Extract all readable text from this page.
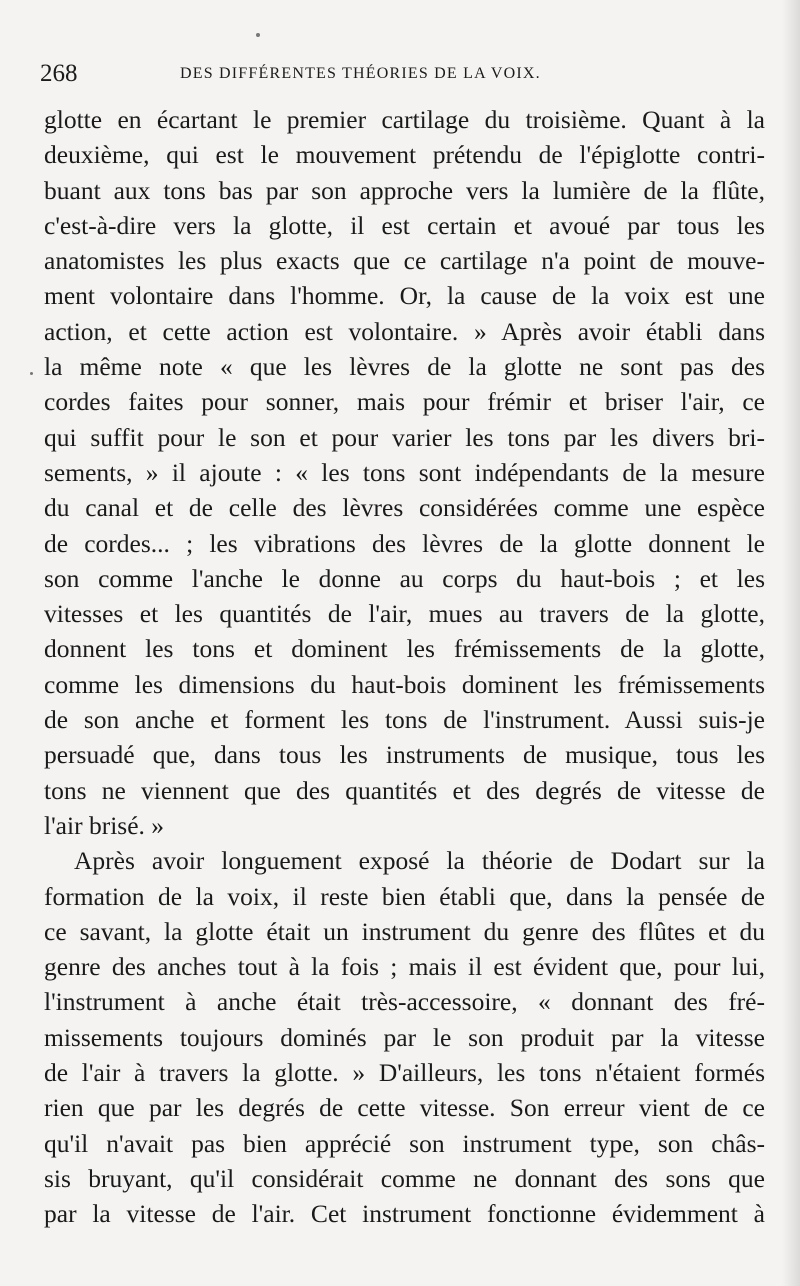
268	DES DIFFÉRENTES THÉORIES DE LA VOIX.
glotte en écartant le premier cartilage du troisième. Quant à la
deuxième, qui est le mouvement prétendu de l'épiglotte contri-
buant aux tons bas par son approche vers la lumière de la flûte,
c'est-à-dire vers la glotte, il est certain et avoué par tous les
anatomistes les plus exacts que ce cartilage n'a point de mouve-
ment volontaire dans l'homme. Or, la cause de la voix est une
action, et cette action est volontaire. » Après avoir établi dans
la même note « que les lèvres de la glotte ne sont pas des
cordes faites pour sonner, mais pour frémir et briser l'air, ce
qui suffit pour le son et pour varier les tons par les divers bri-
sements, » il ajoute : « les tons sont indépendants de la mesure
du canal et de celle des lèvres considérées comme une espèce
de cordes... ; les vibrations des lèvres de la glotte donnent le
son comme l'anche le donne au corps du haut-bois ; et les
vitesses et les quantités de l'air, mues au travers de la glotte,
donnent les tons et dominent les frémissements de la glotte,
comme les dimensions du haut-bois dominent les frémissements
de son anche et forment les tons de l'instrument. Aussi suis-je
persuadé que, dans tous les instruments de musique, tous les
tons ne viennent que des quantités et des degrés de vitesse de
l'air brisé. »
Après avoir longuement exposé la théorie de Dodart sur la
formation de la voix, il reste bien établi que, dans la pensée de
ce savant, la glotte était un instrument du genre des flûtes et du
genre des anches tout à la fois ; mais il est évident que, pour lui,
l'instrument à anche était très-accessoire, « donnant des fré-
missements toujours dominés par le son produit par la vitesse
de l'air à travers la glotte. » D'ailleurs, les tons n'étaient formés
rien que par les degrés de cette vitesse. Son erreur vient de ce
qu'il n'avait pas bien apprécié son instrument type, son châs-
sis bruyant, qu'il considérait comme ne donnant des sons que
par la vitesse de l'air. Cet instrument fonctionne évidemment à
